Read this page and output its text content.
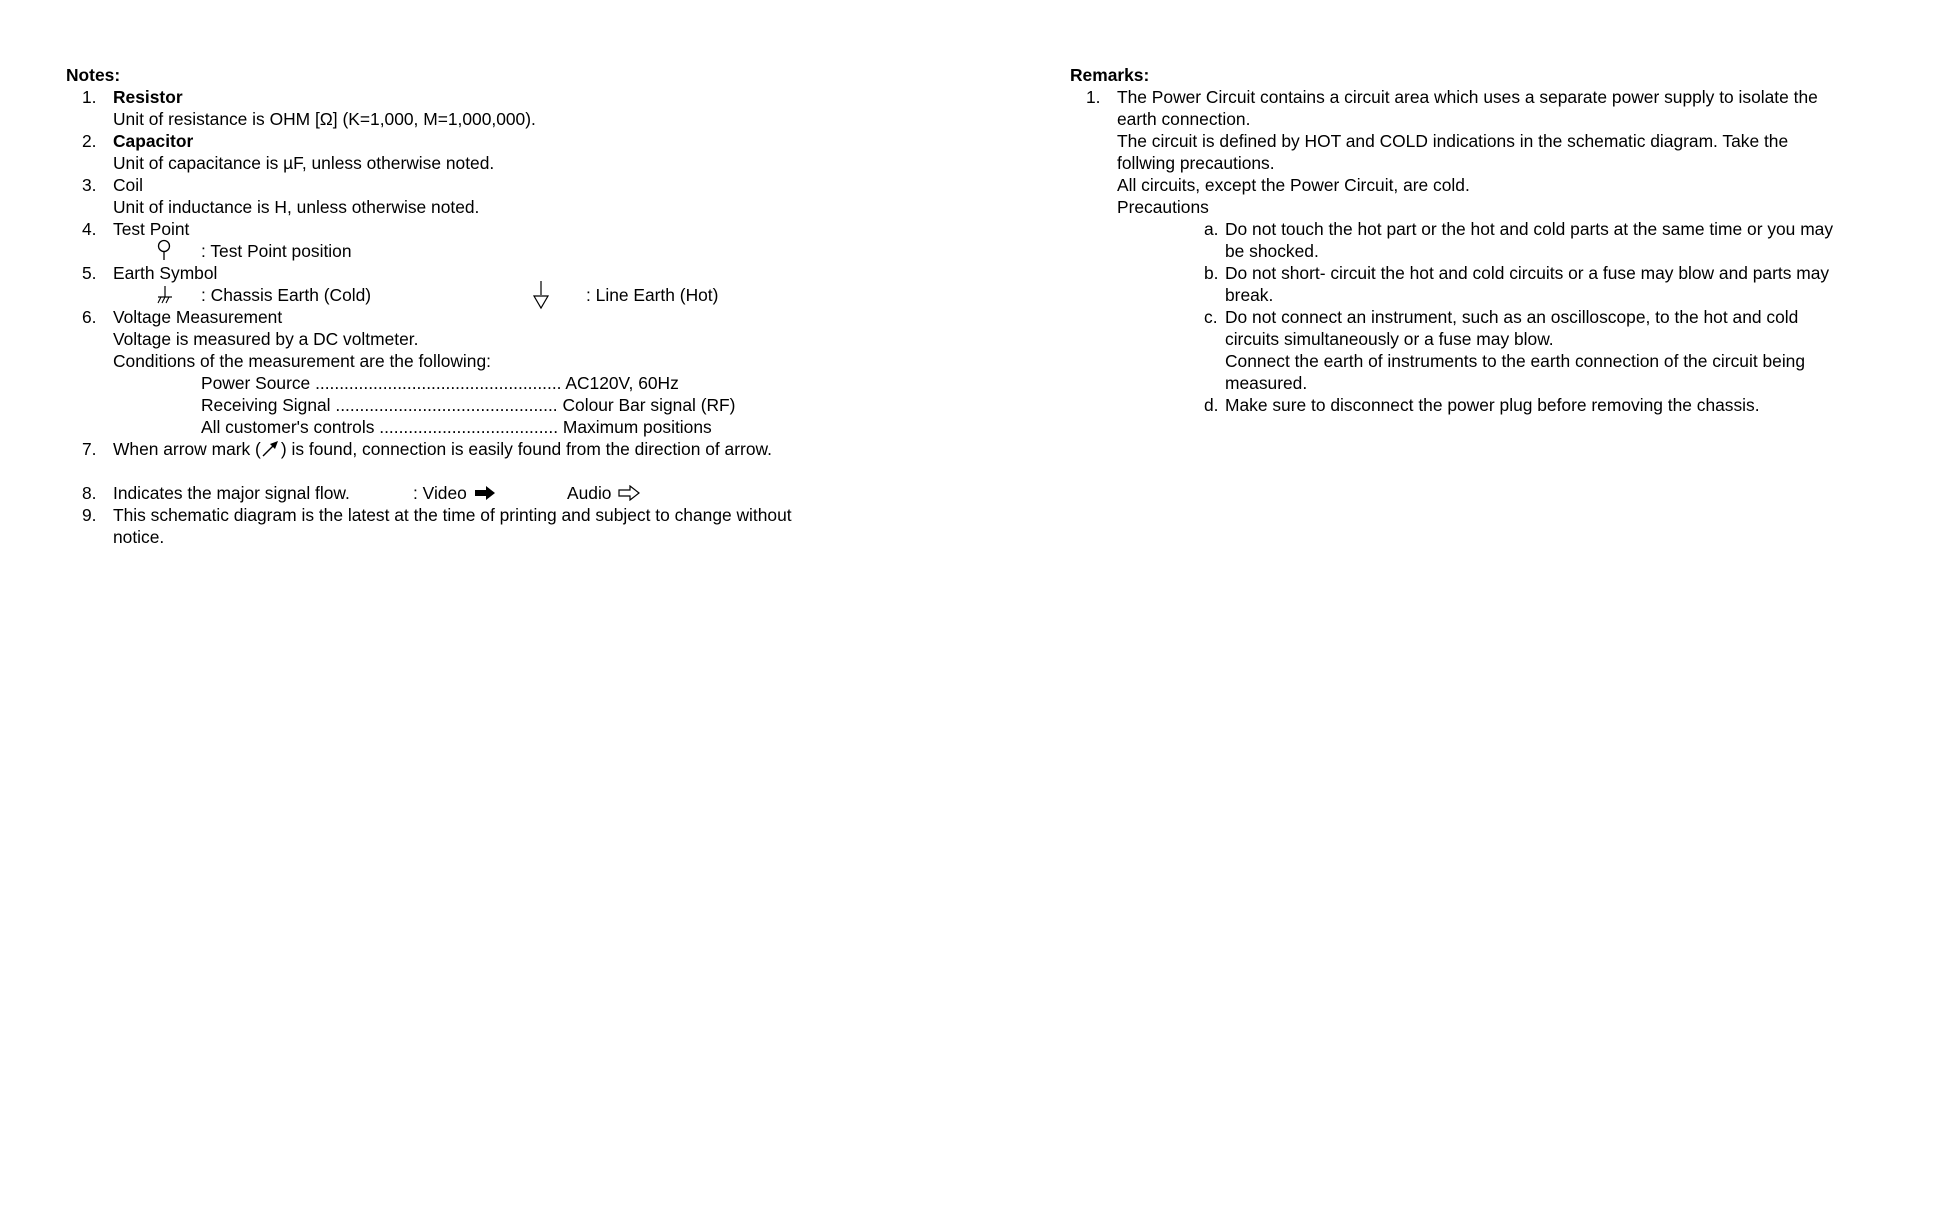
Notes:
1. Resistor
Unit of resistance is OHM [Ω] (K=1,000, M=1,000,000).
2. Capacitor
Unit of capacitance is µF, unless otherwise noted.
3. Coil
Unit of inductance is H, unless otherwise noted.
4. Test Point
: Test Point position
5. Earth Symbol
: Chassis Earth (Cold)	: Line Earth (Hot)
6. Voltage Measurement
Voltage is measured by a DC voltmeter.
Conditions of the measurement are the following:
Power Source ................................................... AC120V, 60Hz
Receiving Signal .............................................. Colour Bar signal (RF)
All customer's controls ..................................... Maximum positions
7. When arrow mark ( ) is found, connection is easily found from the direction of arrow.
8. Indicates the major signal flow.	: Video	Audio
9. This schematic diagram is the latest at the time of printing and subject to change without
notice.
Remarks:
1. The Power Circuit contains a circuit area which uses a separate power supply to isolate the
earth connection.
The circuit is defined by HOT and COLD indications in the schematic diagram. Take the
follwing precautions.
All circuits, except the Power Circuit, are cold.
Precautions
a. Do not touch the hot part or the hot and cold parts at the same time or you may
be shocked.
b. Do not short- circuit the hot and cold circuits or a fuse may blow and parts may
break.
c. Do not connect an instrument, such as an oscilloscope, to the hot and cold
circuits simultaneously or a fuse may blow.
Connect the earth of instruments to the earth connection of the circuit being
measured.
d. Make sure to disconnect the power plug before removing the chassis.
